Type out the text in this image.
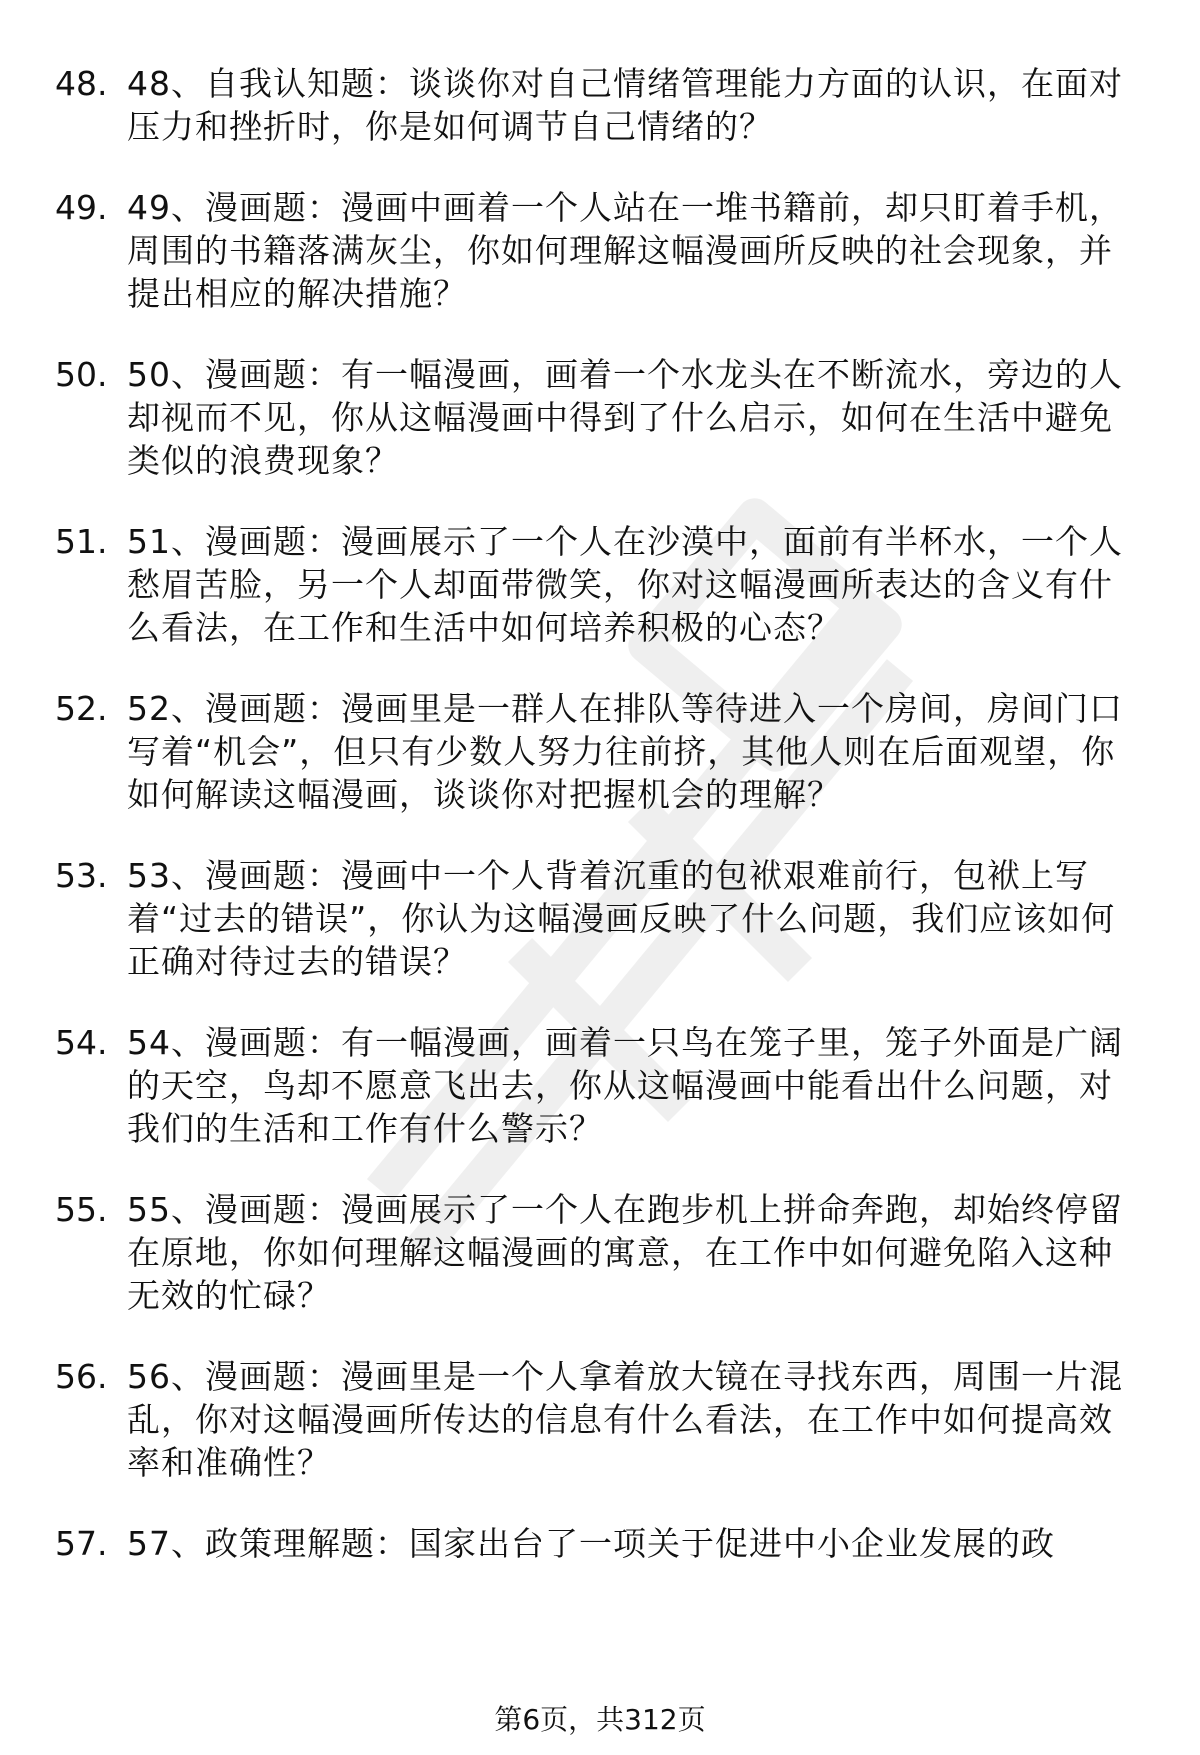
48. 48、自我认知题：谈谈你对自己情绪管理能力方面的认识，在面对压力和挫折时，你是如何调节自己情绪的？
49. 49、漫画题：漫画中画着一个人站在一堆书籍前，却只盯着手机，周围的书籍落满灰尘，你如何理解这幅漫画所反映的社会现象，并提出相应的解决措施？
50. 50、漫画题：有一幅漫画，画着一个水龙头在不断流水，旁边的人却视而不见，你从这幅漫画中得到了什么启示，如何在生活中避免类似的浪费现象？
51. 51、漫画题：漫画展示了一个人在沙漠中，面前有半杯水，一个人愁眉苦脸，另一个人却面带微笑，你对这幅漫画所表达的含义有什么看法，在工作和生活中如何培养积极的心态？
52. 52、漫画题：漫画里是一群人在排队等待进入一个房间，房间门口写着“机会”，但只有少数人努力往前挤，其他人则在后面观望，你如何解读这幅漫画，谈谈你对把握机会的理解？
53. 53、漫画题：漫画中一个人背着沉重的包袱艰难前行，包袱上写着“过去的错误”，你认为这幅漫画反映了什么问题，我们应该如何正确对待过去的错误？
54. 54、漫画题：有一幅漫画，画着一只鸟在笼子里，笼子外面是广阔的天空，鸟却不愿意飞出去，你从这幅漫画中能看出什么问题，对我们的生活和工作有什么警示？
55. 55、漫画题：漫画展示了一个人在跑步机上拼命奔跑，却始终停留在原地，你如何理解这幅漫画的寓意，在工作中如何避免陷入这种无效的忙碌？
56. 56、漫画题：漫画里是一个人拿着放大镜在寻找东西，周围一片混乱，你对这幅漫画所传达的信息有什么看法，在工作中如何提高效率和准确性？
57. 57、政策理解题：国家出台了一项关于促进中小企业发展的政
第6页，共312页
